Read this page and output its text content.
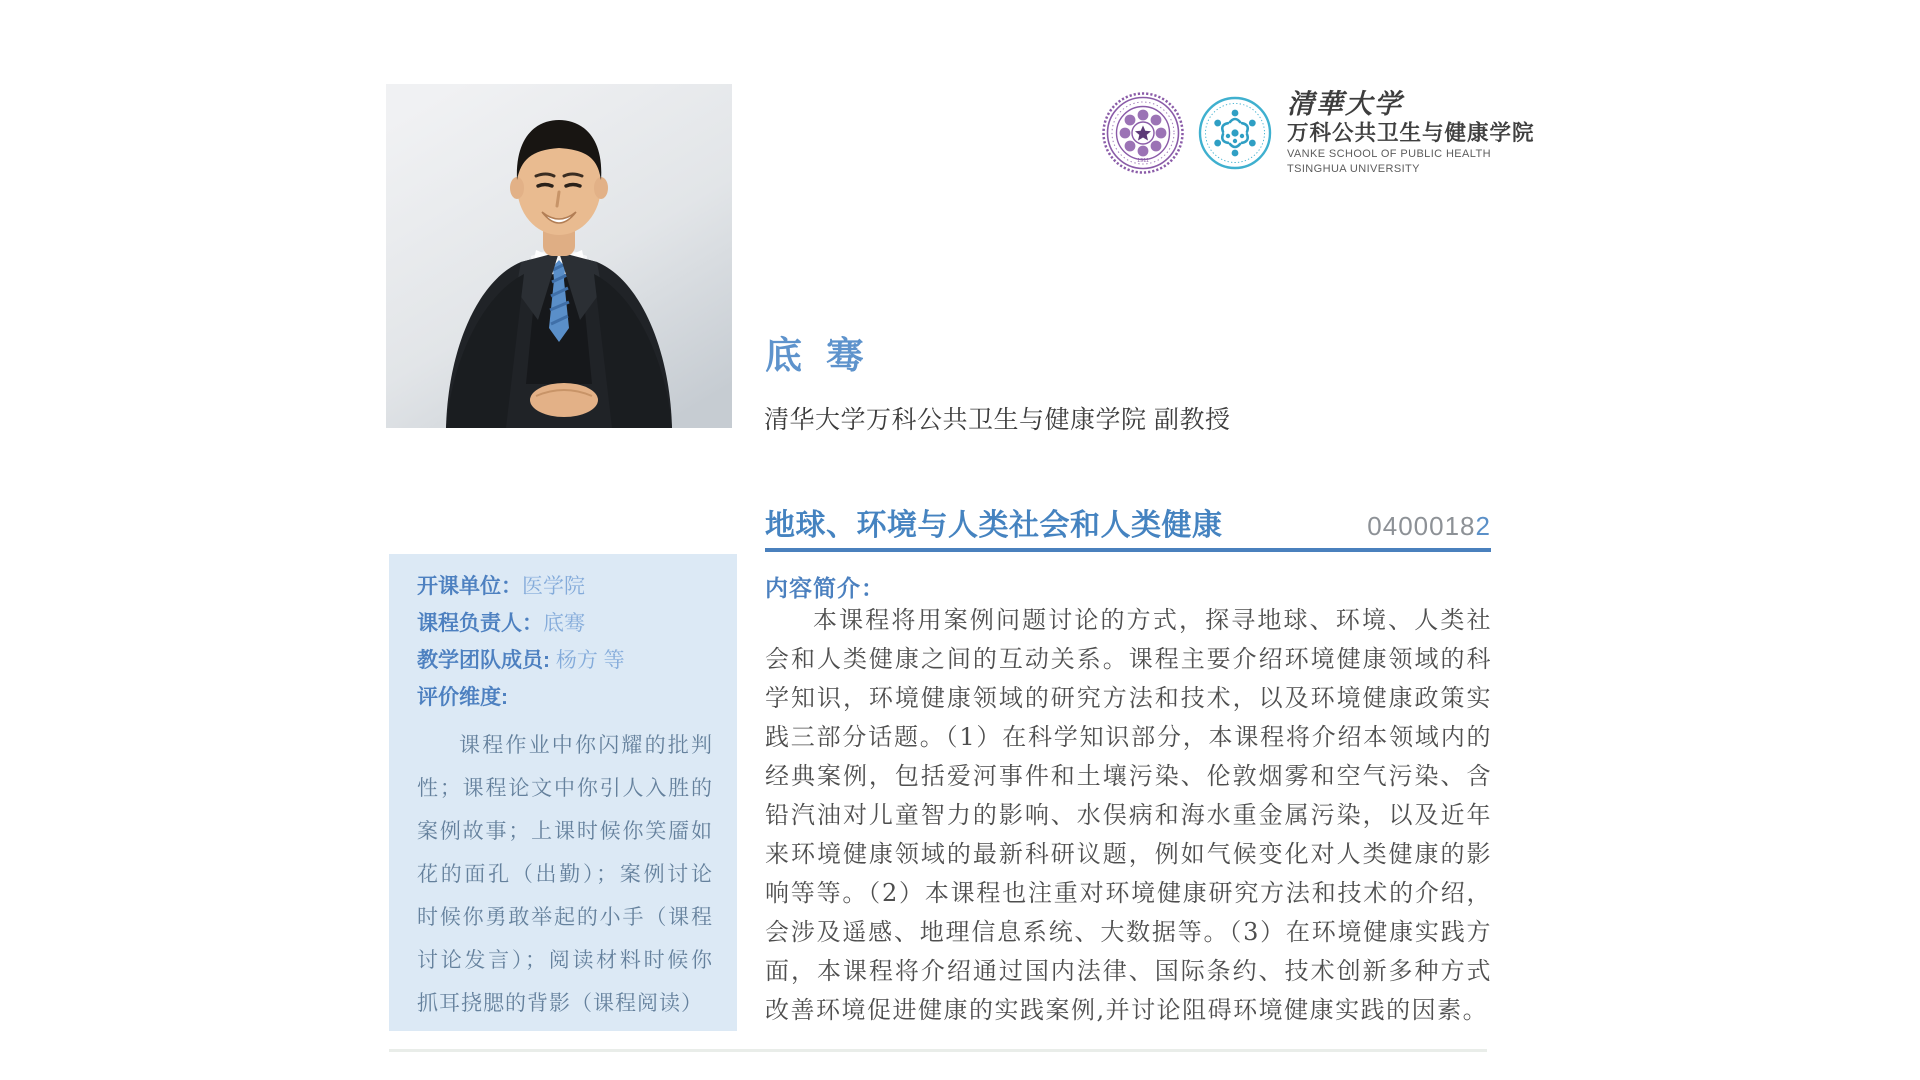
1911
清華大学
万科公共卫生与健康学院
VANKE SCHOOL OF PUBLIC HEALTH
TSINGHUA UNIVERSITY
底 骞
清华大学万科公共卫生与健康学院 副教授
地球、环境与人类社会和人类健康	04000182
开课单位：医学院
课程负责人：底骞
教学团队成员: 杨方 等
评价维度:

课程作业中你闪耀的批判性；课程论文中你引人入胜的案例故事；上课时候你笑靥如花的面孔（出勤）；案例讨论时候你勇敢举起的小手（课程讨论发言）；阅读材料时候你抓耳挠腮的背影（课程阅读）

内容简介：

本课程将用案例问题讨论的方式，探寻地球、环境、人类社会和人类健康之间的互动关系。课程主要介绍环境健康领域的科学知识，环境健康领域的研究方法和技术，以及环境健康政策实践三部分话题。（1）在科学知识部分，本课程将介绍本领域内的经典案例，包括爱河事件和土壤污染、伦敦烟雾和空气污染、含铅汽油对儿童智力的影响、水俣病和海水重金属污染，以及近年来环境健康领域的最新科研议题，例如气候变化对人类健康的影响等等。（2）本课程也注重对环境健康研究方法和技术的介绍，会涉及遥感、地理信息系统、大数据等。（3）在环境健康实践方面，本课程将介绍通过国内法律、国际条约、技术创新多种方式改善环境促进健康的实践案例,并讨论阻碍环境健康实践的因素。
